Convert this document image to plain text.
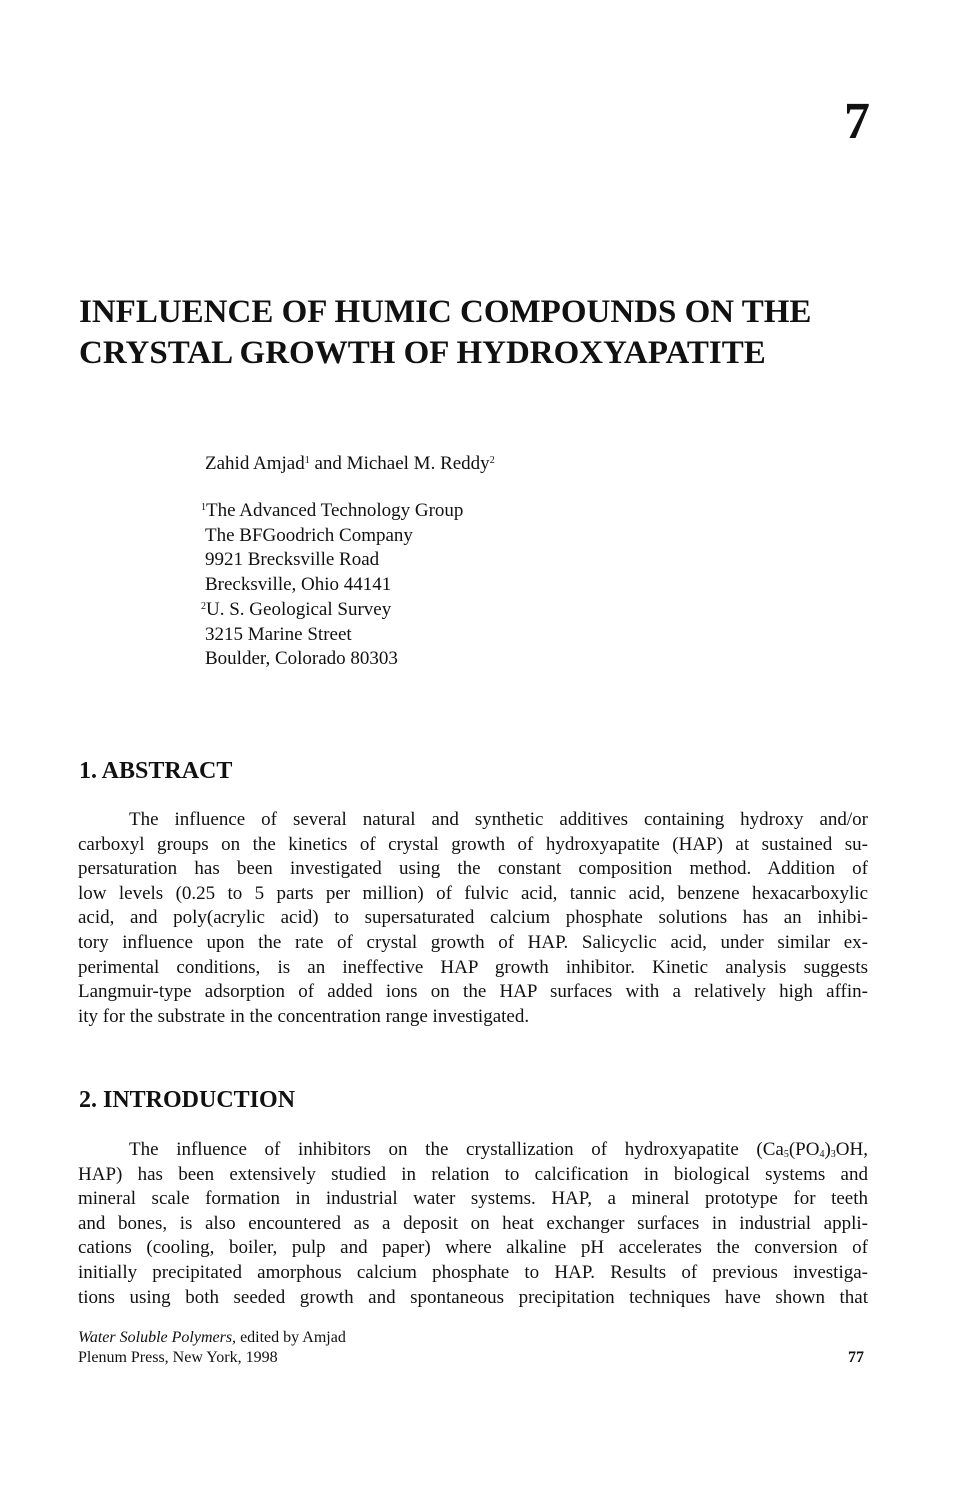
7
INFLUENCE OF HUMIC COMPOUNDS ON THE
CRYSTAL GROWTH OF HYDROXYAPATITE

Zahid Amjad$^1$ and Michael M. Reddy$^2$

$^1$The Advanced Technology Group
The BFGoodrich Company
9921 Brecksville Road
Brecksville, Ohio 44141
$^2$U. S. Geological Survey
3215 Marine Street
Boulder, Colorado 80303
1. ABSTRACT

The influence of several natural and synthetic additives containing hydroxy and/or
carboxyl groups on the kinetics of crystal growth of hydroxyapatite (HAP) at sustained su-
persaturation has been investigated using the constant composition method. Addition of
low levels (0.25 to 5 parts per million) of fulvic acid, tannic acid, benzene hexacarboxylic
acid, and poly(acrylic acid) to supersaturated calcium phosphate solutions has an inhibi-
tory influence upon the rate of crystal growth of HAP. Salicyclic acid, under similar ex-
perimental conditions, is an ineffective HAP growth inhibitor. Kinetic analysis suggests
Langmuir-type adsorption of added ions on the HAP surfaces with a relatively high affin-
ity for the substrate in the concentration range investigated.

2. INTRODUCTION

The influence of inhibitors on the crystallization of hydroxyapatite ($Ca_5(PO_4)_3OH$,
HAP) has been extensively studied in relation to calcification in biological systems and
mineral scale formation in industrial water systems. HAP, a mineral prototype for teeth
and bones, is also encountered as a deposit on heat exchanger surfaces in industrial appli-
cations (cooling, boiler, pulp and paper) where alkaline pH accelerates the conversion of
initially precipitated amorphous calcium phosphate to HAP. Results of previous investiga-
tions using both seeded growth and spontaneous precipitation techniques have shown that

Water Soluble Polymers, edited by Amjad
Plenum Press, New York, 1998	77
